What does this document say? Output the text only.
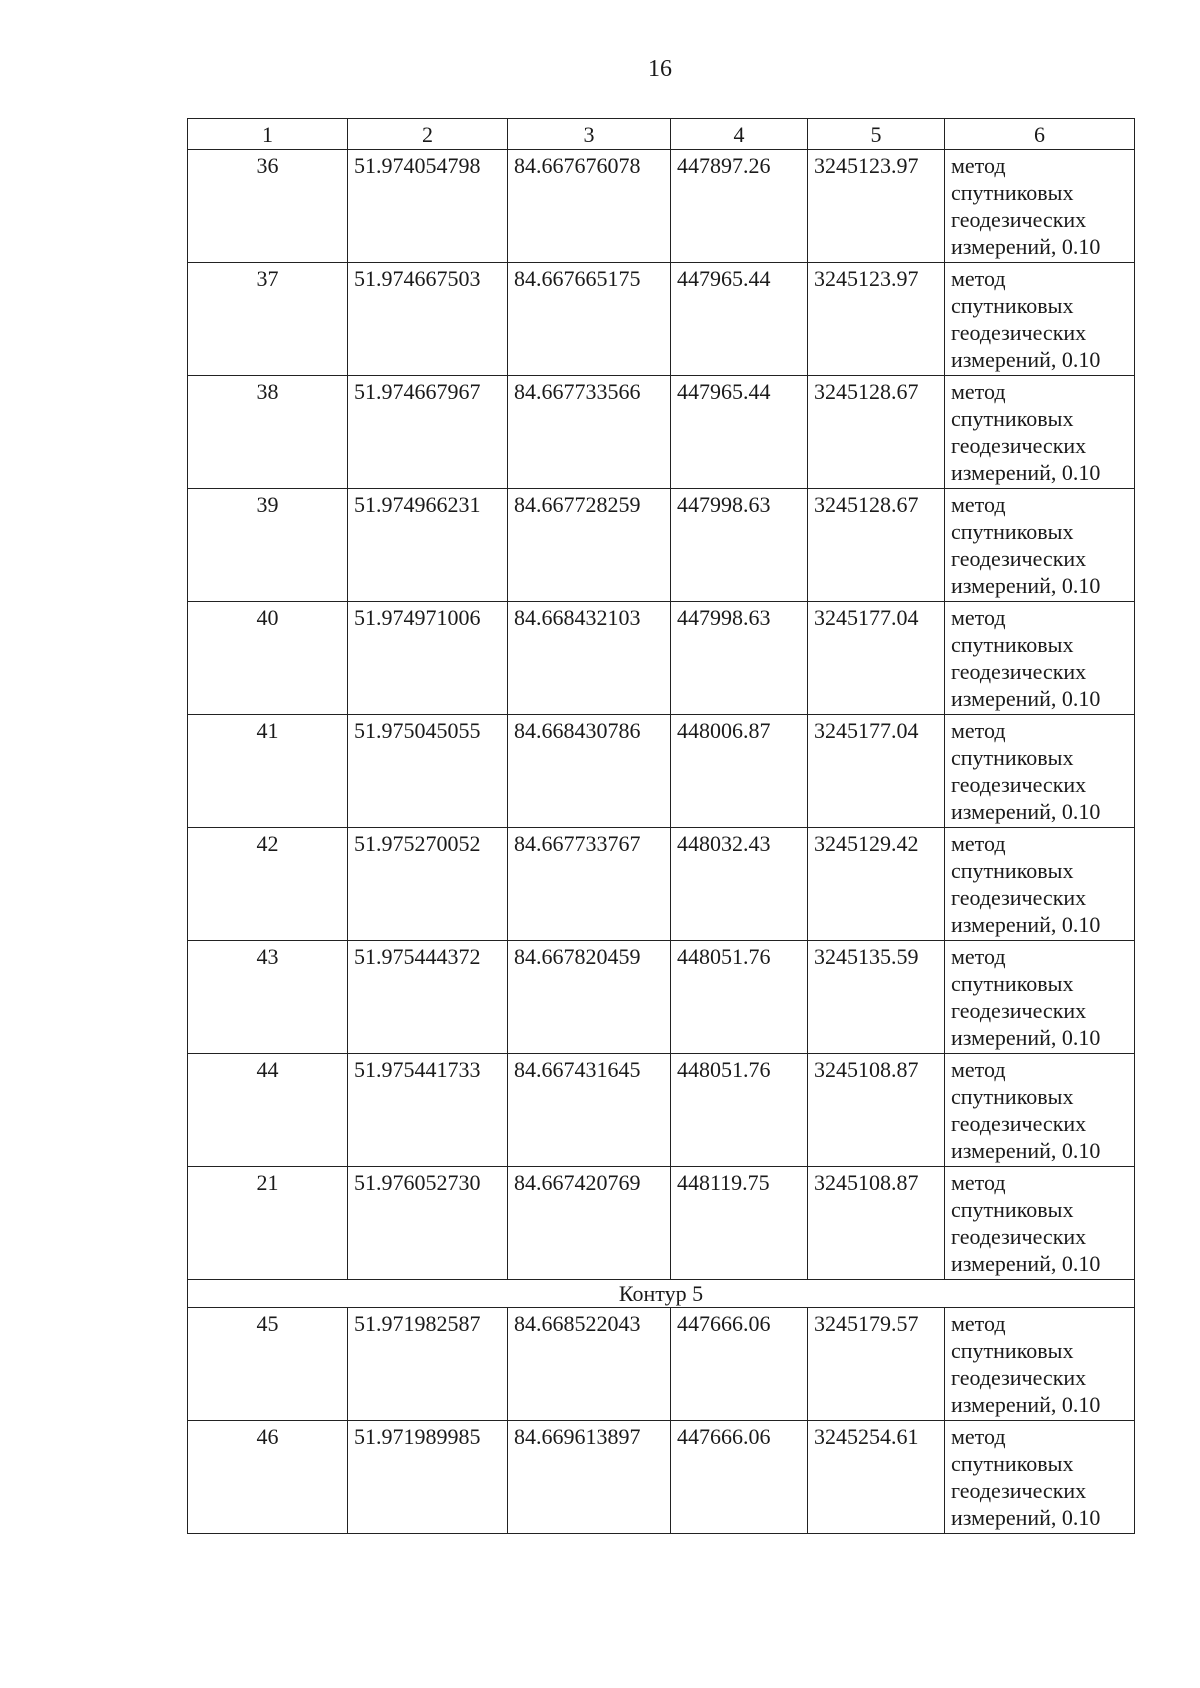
16
1	2	3	4	5	6
36	51.974054798	84.667676078	447897.26	3245123.97	метод
спутниковых
геодезических
измерений, 0.10

37	51.974667503	84.667665175	447965.44	3245123.97	метод
спутниковых
геодезических
измерений, 0.10

38	51.974667967	84.667733566	447965.44	3245128.67	метод
спутниковых
геодезических
измерений, 0.10

39	51.974966231	84.667728259	447998.63	3245128.67	метод
спутниковых
геодезических
измерений, 0.10

40	51.974971006	84.668432103	447998.63	3245177.04	метод
спутниковых
геодезических
измерений, 0.10

41	51.975045055	84.668430786	448006.87	3245177.04	метод
спутниковых
геодезических
измерений, 0.10

42	51.975270052	84.667733767	448032.43	3245129.42	метод
спутниковых
геодезических
измерений, 0.10

43	51.975444372	84.667820459	448051.76	3245135.59	метод
спутниковых
геодезических
измерений, 0.10

44	51.975441733	84.667431645	448051.76	3245108.87	метод
спутниковых
геодезических
измерений, 0.10

21	51.976052730	84.667420769	448119.75	3245108.87	метод
спутниковых
геодезических
измерений, 0.10

Контур 5					
45	51.971982587	84.668522043	447666.06	3245179.57	метод
спутниковых
геодезических
измерений, 0.10

46	51.971989985	84.669613897	447666.06	3245254.61	метод
спутниковых
геодезических
измерений, 0.10
